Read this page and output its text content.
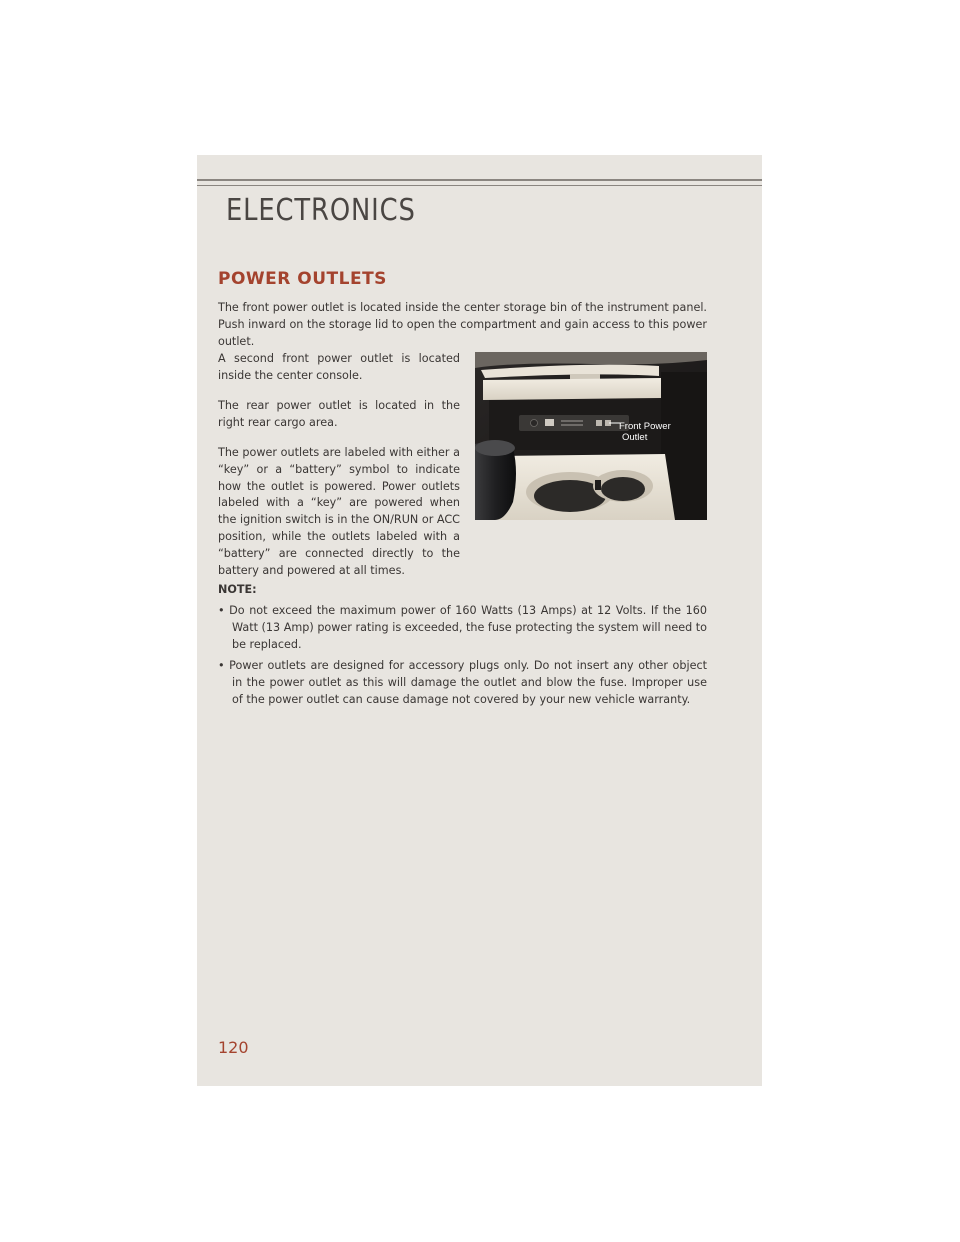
ELECTRONICS
POWER OUTLETS
The front power outlet is located inside the center storage bin of the instrument panel. Push inward on the storage lid to open the compartment and gain access to this power outlet.
A second front power outlet is located inside the center console.
The rear power outlet is located in the right rear cargo area.
The power outlets are labeled with either a “key” or a “battery” symbol to indicate how the outlet is powered. Power outlets labeled with a “key” are powered when the ignition switch is in the ON/RUN or ACC position, while the outlets labeled with a “battery” are connected directly to the battery and powered at all times.
NOTE:
• Do not exceed the maximum power of 160 Watts (13 Amps) at 12 Volts. If the 160 Watt (13 Amp) power rating is exceeded, the fuse protecting the system will need to be replaced.
• Power outlets are designed for accessory plugs only. Do not insert any other object in the power outlet as this will damage the outlet and blow the fuse. Improper use of the power outlet can cause damage not covered by your new vehicle warranty.
Front Power
Outlet
120
